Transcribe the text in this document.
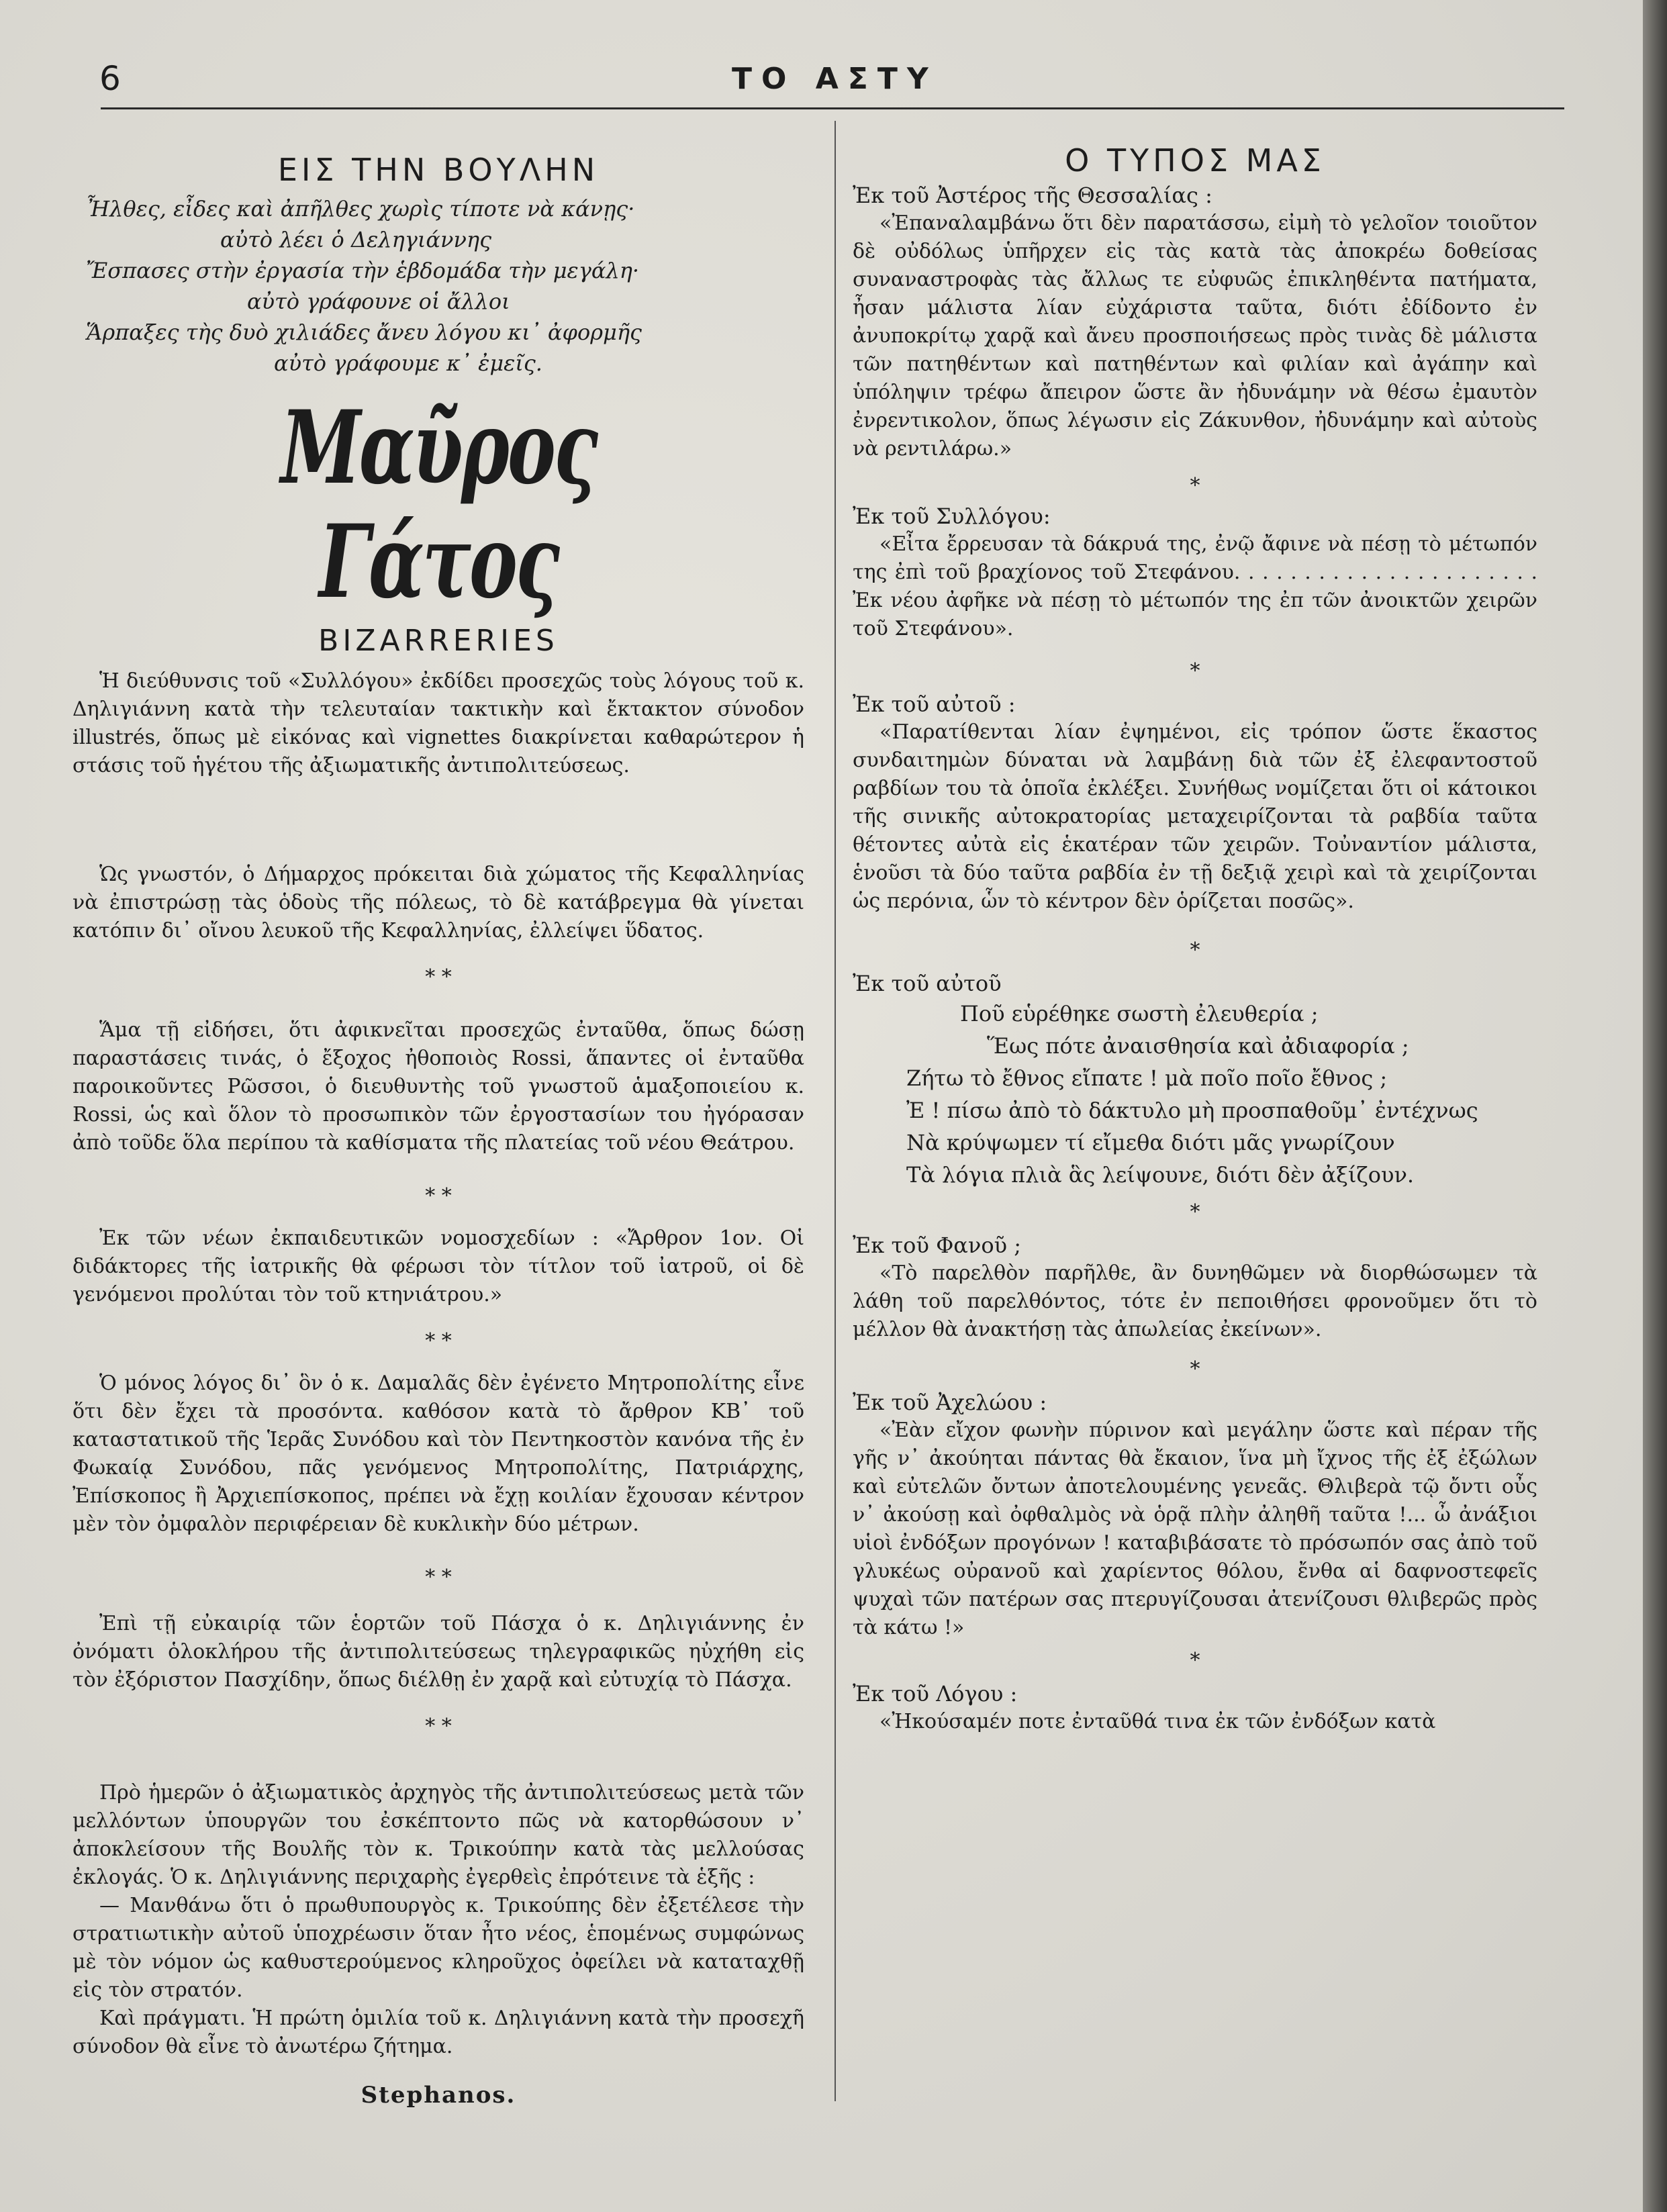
6	ΤΟ ΑΣΤΥ
ΕΙΣ ΤΗΝ ΒΟΥΛΗΝ
Ἦλθες, εἶδες καὶ ἀπῆλθες χωρὶς τίποτε νὰ κάνῃς·
αὐτὸ λέει ὁ Δεληγιάννης
Ἔσπασες στὴν ἐργασία τὴν ἑβδομάδα τὴν μεγάλη·
αὐτὸ γράφουνε οἱ ἄλλοι
Ἅρπαξες τὴς δυὸ χιλιάδες ἄνευ λόγου κι᾽ ἀφορμῆς
αὐτὸ γράφουμε κ᾽ ἐμεῖς.
Μαῦρος Γάτος
BIZARRERIES

Ἡ διεύθυνσις τοῦ «Συλλόγου» ἐκδίδει προσεχῶς τοὺς λόγους τοῦ κ. Δηλιγιάννη κατὰ τὴν τελευταίαν τακτικὴν καὶ ἔκτακτον σύνοδον illustrés, ὅπως μὲ εἰκόνας καὶ vignettes διακρίνεται καθαρώτερον ἡ στάσις τοῦ ἡγέτου τῆς ἀξιωματικῆς ἀντιπολιτεύσεως.

Ὡς γνωστόν, ὁ Δήμαρχος πρόκειται διὰ χώματος τῆς Κεφαλληνίας νὰ ἐπιστρώσῃ τὰς ὁδοὺς τῆς πόλεως, τὸ δὲ κατάβρεγμα θὰ γίνεται κατόπιν δι᾽ οἴνου λευκοῦ τῆς Κεφαλληνίας, ἐλλείψει ὕδατος.

* *

Ἅμα τῇ εἰδήσει, ὅτι ἀφικνεῖται προσεχῶς ἐνταῦθα, ὅπως δώσῃ παραστάσεις τινάς, ὁ ἔξοχος ἠθοποιὸς Rossi, ἅπαντες οἱ ἐνταῦθα παροικοῦντες Ρῶσσοι, ὁ διευθυντὴς τοῦ γνωστοῦ ἁμαξοποιείου κ. Rossi, ὡς καὶ ὅλον τὸ προσωπικὸν τῶν ἐργοστασίων του ἠγόρασαν ἀπὸ τοῦδε ὅλα περίπου τὰ καθίσματα τῆς πλατείας τοῦ νέου Θεάτρου.

* *

Ἐκ τῶν νέων ἐκπαιδευτικῶν νομοσχεδίων : «Ἄρθρον 1ον. Οἱ διδάκτορες τῆς ἰατρικῆς θὰ φέρωσι τὸν τίτλον τοῦ ἰατροῦ, οἱ δὲ γενόμενοι προλύται τὸν τοῦ κτηνιάτρου.»

* *

Ὁ μόνος λόγος δι᾽ ὃν ὁ κ. Δαμαλᾶς δὲν ἐγένετο Μητροπολίτης εἶνε ὅτι δὲν ἔχει τὰ προσόντα. καθόσον κατὰ τὸ ἄρθρον ΚΒ᾽ τοῦ καταστατικοῦ τῆς Ἱερᾶς Συνόδου καὶ τὸν Πεντηκοστὸν κανόνα τῆς ἐν Φωκαίᾳ Συνόδου, πᾶς γενόμενος Μητροπολίτης, Πατριάρχης, Ἐπίσκοπος ἢ Ἀρχιεπίσκοπος, πρέπει νὰ ἔχῃ κοιλίαν ἔχουσαν κέντρον μὲν τὸν ὀμφαλὸν περιφέρειαν δὲ κυκλικὴν δύο μέτρων.

* *

Ἐπὶ τῇ εὐκαιρίᾳ τῶν ἑορτῶν τοῦ Πάσχα ὁ κ. Δηλιγιάννης ἐν ὀνόματι ὁλοκλήρου τῆς ἀντιπολιτεύσεως τηλεγραφικῶς ηὐχήθη εἰς τὸν ἐξόριστον Πασχίδην, ὅπως διέλθῃ ἐν χαρᾷ καὶ εὐτυχίᾳ τὸ Πάσχα.

* *

Πρὸ ἡμερῶν ὁ ἀξιωματικὸς ἀρχηγὸς τῆς ἀντιπολιτεύσεως μετὰ τῶν μελλόντων ὑπουργῶν του ἐσκέπτοντο πῶς νὰ κατορθώσουν ν᾽ ἀποκλείσουν τῆς Βουλῆς τὸν κ. Τρικούπην κατὰ τὰς μελλούσας ἐκλογάς. Ὁ κ. Δηλιγιάννης περιχαρὴς ἐγερθεὶς ἐπρότεινε τὰ ἑξῆς :

— Μανθάνω ὅτι ὁ πρωθυπουργὸς κ. Τρικούπης δὲν ἐξετέλεσε τὴν στρατιωτικὴν αὐτοῦ ὑποχρέωσιν ὅταν ἦτο νέος, ἑπομένως συμφώνως μὲ τὸν νόμον ὡς καθυστερούμενος κληροῦχος ὀφείλει νὰ καταταχθῇ εἰς τὸν στρατόν.

Καὶ πράγματι. Ἡ πρώτη ὁμιλία τοῦ κ. Δηλιγιάννη κατὰ τὴν προσεχῆ σύνοδον θὰ εἶνε τὸ ἀνωτέρω ζήτημα.

Stephanos.
Ο ΤΥΠΟΣ ΜΑΣ
Ἐκ τοῦ Ἀστέρος τῆς Θεσσαλίας :

«Ἐπαναλαμβάνω ὅτι δὲν παρατάσσω, εἰμὴ τὸ γελοῖον τοιοῦτον δὲ οὐδόλως ὑπῆρχεν εἰς τὰς κατὰ τὰς ἀποκρέω δοθείσας συναναστροφὰς τὰς ἄλλως τε εὐφυῶς ἐπικληθέντα πατήματα, ἦσαν μάλιστα λίαν εὐχάριστα ταῦτα, διότι ἐδίδοντο ἐν ἀνυποκρίτῳ χαρᾷ καὶ ἄνευ προσποιήσεως πρὸς τινὰς δὲ μάλιστα τῶν πατηθέντων καὶ πατηθέντων καὶ φιλίαν καὶ ἀγάπην καὶ ὑπόληψιν τρέφω ἄπειρον ὥστε ἂν ἠδυνάμην νὰ θέσω ἐμαυτὸν ἐνρεντικολον, ὅπως λέγωσιν εἰς Ζάκυνθον, ἠδυνάμην καὶ αὐτοὺς νὰ ρεντιλάρω.»

*
Ἐκ τοῦ Συλλόγου:

«Εἶτα ἔρρευσαν τὰ δάκρυά της, ἐνῷ ἄφινε νὰ πέσῃ τὸ μέτωπόν της ἐπὶ τοῦ βραχίονος τοῦ Στεφάνου. . . . . . . . . . . . . . . . . . . . . . Ἐκ νέου ἀφῆκε νὰ πέσῃ τὸ μέτωπόν της ἐπ τῶν ἀνοικτῶν χειρῶν τοῦ Στεφάνου».

*
Ἐκ τοῦ αὐτοῦ :

«Παρατίθενται λίαν ἐψημένοι, εἰς τρόπον ὥστε ἕκαστος συνδαιτημὼν δύναται νὰ λαμβάνῃ διὰ τῶν ἐξ ἐλεφαντοστοῦ ραβδίων του τὰ ὁποῖα ἐκλέξει. Συνήθως νομίζεται ὅτι οἱ κάτοικοι τῆς σινικῆς αὐτοκρατορίας μεταχειρίζονται τὰ ραβδία ταῦτα θέτοντες αὐτὰ εἰς ἑκατέραν τῶν χειρῶν. Τοὐναντίον μάλιστα, ἑνοῦσι τὰ δύο ταῦτα ραβδία ἐν τῇ δεξιᾷ χειρὶ καὶ τὰ χειρίζονται ὡς περόνια, ὧν τὸ κέντρον δὲν ὁρίζεται ποσῶς».

*
Ἐκ τοῦ αὐτοῦ
Ποῦ εὑρέθηκε σωστὴ ἐλευθερία ;
Ἕως πότε ἀναισθησία καὶ ἀδιαφορία ;
Ζήτω τὸ ἔθνος εἴπατε ! μὰ ποῖο ποῖο ἔθνος ;
Ἐ ! πίσω ἀπὸ τὸ δάκτυλο μὴ προσπαθοῦμ᾽ ἐντέχνως
Νὰ κρύψωμεν τί εἴμεθα διότι μᾶς γνωρίζουν
Τὰ λόγια πλιὰ ἃς λείψουνε, διότι δὲν ἀξίζουν.
*
Ἐκ τοῦ Φανοῦ ;

«Τὸ παρελθὸν παρῆλθε, ἂν δυνηθῶμεν νὰ διορθώσωμεν τὰ λάθη τοῦ παρελθόντος, τότε ἐν πεποιθήσει φρονοῦμεν ὅτι τὸ μέλλον θὰ ἀνακτήσῃ τὰς ἀπωλείας ἐκείνων».

*
Ἐκ τοῦ Ἀχελώου :

«Ἐὰν εἴχον φωνὴν πύρινον καὶ μεγάλην ὥστε καὶ πέραν τῆς γῆς ν᾽ ἀκούηται πάντας θὰ ἔκαιον, ἵνα μὴ ἴχνος τῆς ἐξ ἐξώλων καὶ εὐτελῶν ὄντων ἀποτελουμένης γενεᾶς. Θλιβερὰ τῷ ὄντι οὖς ν᾽ ἀκούσῃ καὶ ὀφθαλμὸς νὰ ὁρᾷ πλὴν ἀληθῆ ταῦτα !... ὦ ἀνάξιοι υἱοὶ ἐνδόξων προγόνων ! καταβιβάσατε τὸ πρόσωπόν σας ἀπὸ τοῦ γλυκέως οὐρανοῦ καὶ χαρίεντος θόλου, ἔνθα αἱ δαφνοστεφεῖς ψυχαὶ τῶν πατέρων σας πτερυγίζουσαι ἀτενίζουσι θλιβερῶς πρὸς τὰ κάτω !»

*
Ἐκ τοῦ Λόγου :

«Ἠκούσαμέν ποτε ἐνταῦθά τινα ἐκ τῶν ἐνδόξων κατὰ
